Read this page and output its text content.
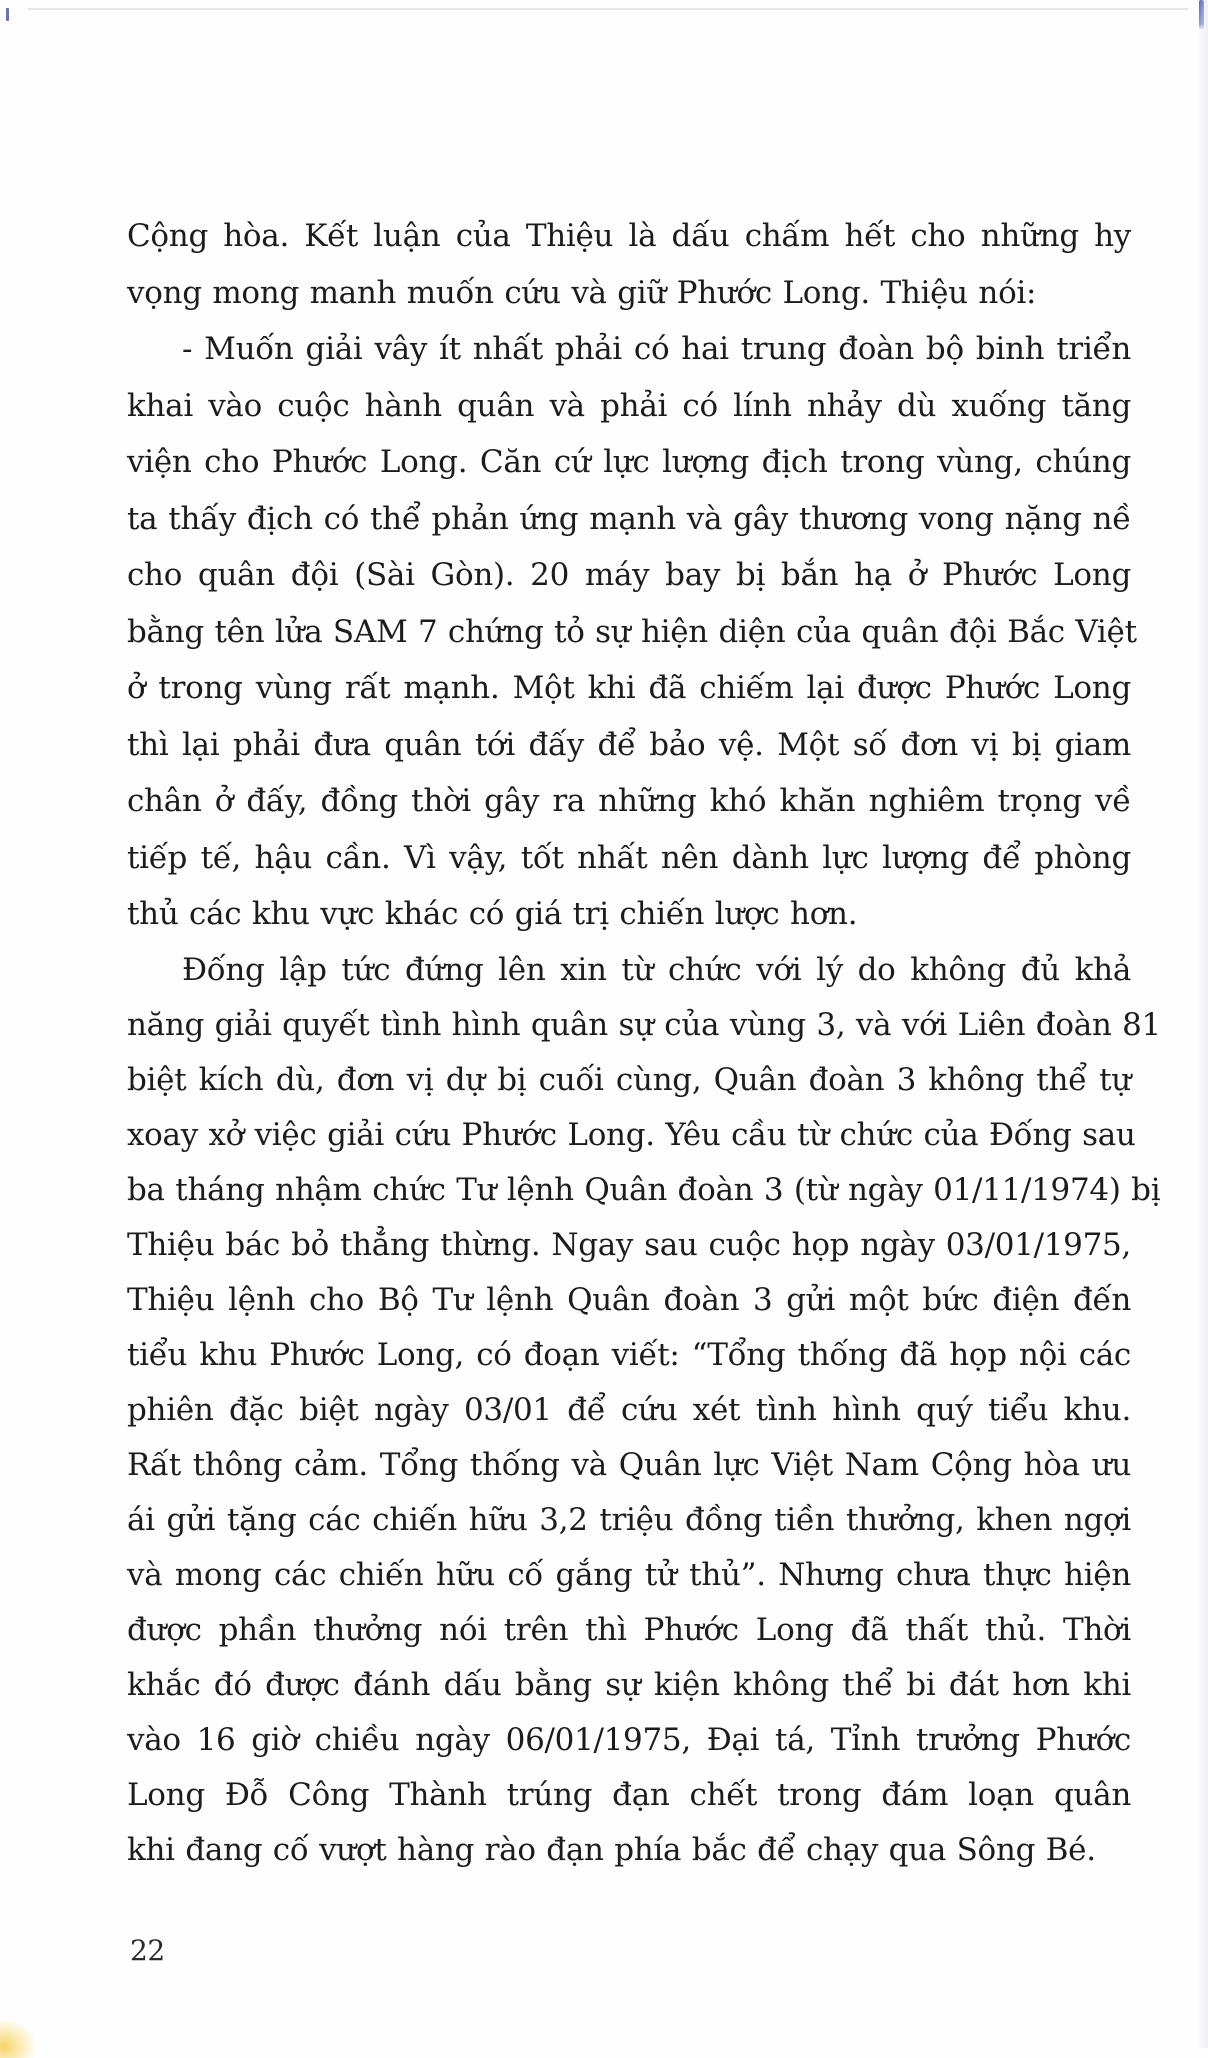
Cộng hòa. Kết luận của Thiệu là dấu chấm hết cho những hy
vọng mong manh muốn cứu và giữ Phước Long. Thiệu nói:
- Muốn giải vây ít nhất phải có hai trung đoàn bộ binh triển
khai vào cuộc hành quân và phải có lính nhảy dù xuống tăng
viện cho Phước Long. Căn cứ lực lượng địch trong vùng, chúng
ta thấy địch có thể phản ứng mạnh và gây thương vong nặng nề
cho quân đội (Sài Gòn). 20 máy bay bị bắn hạ ở Phước Long
bằng tên lửa SAM 7 chứng tỏ sự hiện diện của quân đội Bắc Việt
ở trong vùng rất mạnh. Một khi đã chiếm lại được Phước Long
thì lại phải đưa quân tới đấy để bảo vệ. Một số đơn vị bị giam
chân ở đấy, đồng thời gây ra những khó khăn nghiêm trọng về
tiếp tế, hậu cần. Vì vậy, tốt nhất nên dành lực lượng để phòng
thủ các khu vực khác có giá trị chiến lược hơn.

Đống lập tức đứng lên xin từ chức với lý do không đủ khả
năng giải quyết tình hình quân sự của vùng 3, và với Liên đoàn 81
biệt kích dù, đơn vị dự bị cuối cùng, Quân đoàn 3 không thể tự
xoay xở việc giải cứu Phước Long. Yêu cầu từ chức của Đống sau
ba tháng nhậm chức Tư lệnh Quân đoàn 3 (từ ngày 01/11/1974) bị
Thiệu bác bỏ thẳng thừng. Ngay sau cuộc họp ngày 03/01/1975,
Thiệu lệnh cho Bộ Tư lệnh Quân đoàn 3 gửi một bức điện đến
tiểu khu Phước Long, có đoạn viết: “Tổng thống đã họp nội các
phiên đặc biệt ngày 03/01 để cứu xét tình hình quý tiểu khu.
Rất thông cảm. Tổng thống và Quân lực Việt Nam Cộng hòa ưu
ái gửi tặng các chiến hữu 3,2 triệu đồng tiền thưởng, khen ngợi
và mong các chiến hữu cố gắng tử thủ”. Nhưng chưa thực hiện
được phần thưởng nói trên thì Phước Long đã thất thủ. Thời
khắc đó được đánh dấu bằng sự kiện không thể bi đát hơn khi
vào 16 giờ chiều ngày 06/01/1975, Đại tá, Tỉnh trưởng Phước
Long Đỗ Công Thành trúng đạn chết trong đám loạn quân
khi đang cố vượt hàng rào đạn phía bắc để chạy qua Sông Bé.

22
